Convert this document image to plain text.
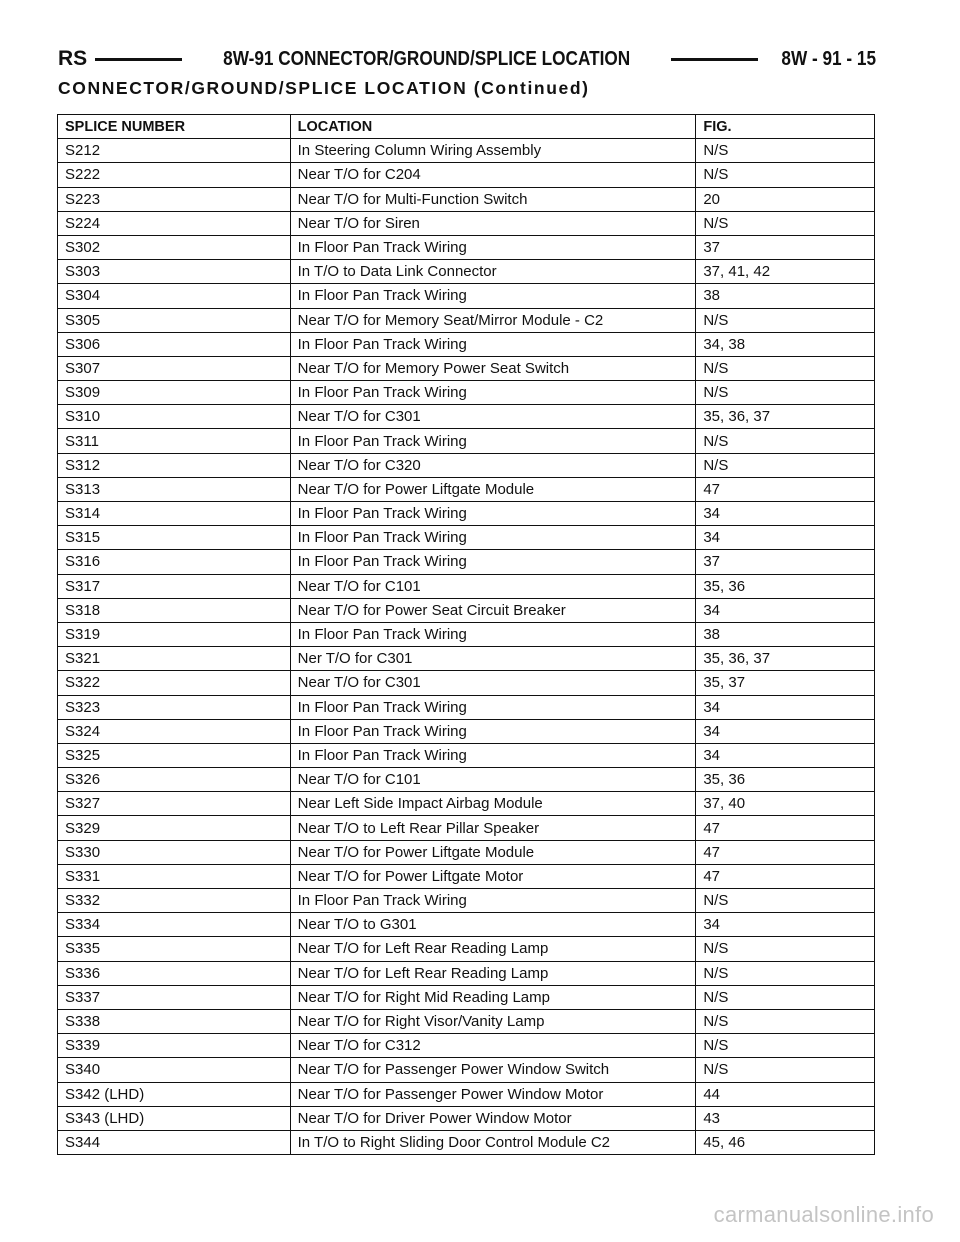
RS	8W-91 CONNECTOR/GROUND/SPLICE LOCATION	8W - 91 - 15
CONNECTOR/GROUND/SPLICE LOCATION (Continued)
SPLICE NUMBER	LOCATION	FIG.
S212	In Steering Column Wiring Assembly	N/S
S222	Near T/O for C204	N/S
S223	Near T/O for Multi-Function Switch	20
S224	Near T/O for Siren	N/S
S302	In Floor Pan Track Wiring	37
S303	In T/O to Data Link Connector	37, 41, 42
S304	In Floor Pan Track Wiring	38
S305	Near T/O for Memory Seat/Mirror Module - C2	N/S
S306	In Floor Pan Track Wiring	34, 38
S307	Near T/O for Memory Power Seat Switch	N/S
S309	In Floor Pan Track Wiring	N/S
S310	Near T/O for C301	35, 36, 37
S311	In Floor Pan Track Wiring	N/S
S312	Near T/O for C320	N/S
S313	Near T/O for Power Liftgate Module	47
S314	In Floor Pan Track Wiring	34
S315	In Floor Pan Track Wiring	34
S316	In Floor Pan Track Wiring	37
S317	Near T/O for C101	35, 36
S318	Near T/O for Power Seat Circuit Breaker	34
S319	In Floor Pan Track Wiring	38
S321	Ner T/O for C301	35, 36, 37
S322	Near T/O for C301	35, 37
S323	In Floor Pan Track Wiring	34
S324	In Floor Pan Track Wiring	34
S325	In Floor Pan Track Wiring	34
S326	Near T/O for C101	35, 36
S327	Near Left Side Impact Airbag Module	37, 40
S329	Near T/O to Left Rear Pillar Speaker	47
S330	Near T/O for Power Liftgate Module	47
S331	Near T/O for Power Liftgate Motor	47
S332	In Floor Pan Track Wiring	N/S
S334	Near T/O to G301	34
S335	Near T/O for Left Rear Reading Lamp	N/S
S336	Near T/O for Left Rear Reading Lamp	N/S
S337	Near T/O for Right Mid Reading Lamp	N/S
S338	Near T/O for Right Visor/Vanity Lamp	N/S
S339	Near T/O for C312	N/S
S340	Near T/O for Passenger Power Window Switch	N/S
S342 (LHD)	Near T/O for Passenger Power Window Motor	44
S343 (LHD)	Near T/O for Driver Power Window Motor	43
S344	In T/O to Right Sliding Door Control Module C2	45, 46
carmanualsonline.info
